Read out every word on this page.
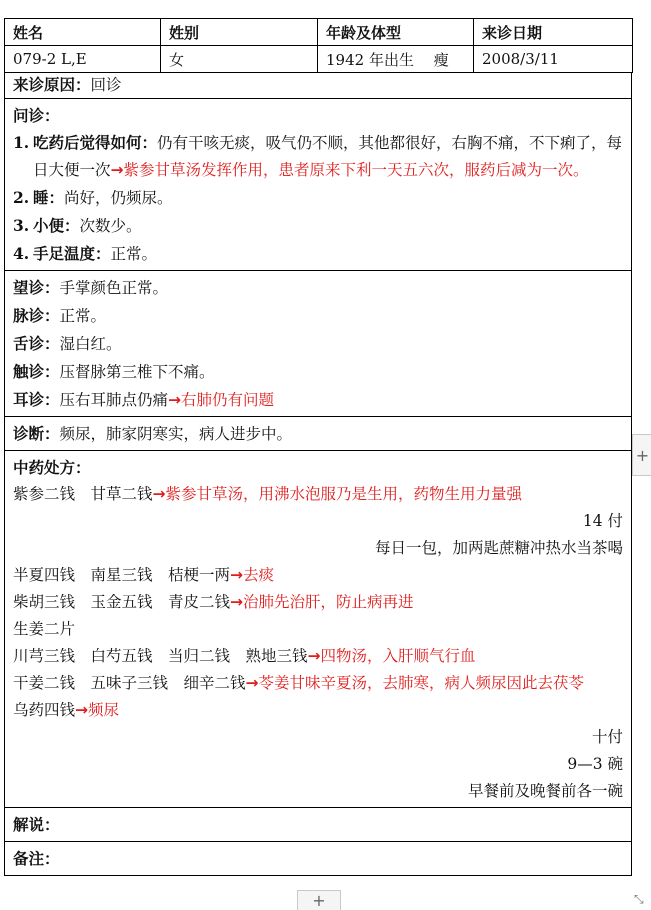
姓名	姓别	年龄及体型	来诊日期
079-2 L,E	女	1942 年出生　 瘦	2008/3/11
来诊原因：回诊
问诊：
1. 吃药后觉得如何：仍有干咳无痰，吸气仍不顺，其他都很好，右胸不痛，不下痢了，每日大便一次→紫参甘草汤发挥作用，患者原来下利一天五六次，服药后减为一次。
2. 睡：尚好，仍频尿。
3. 小便：次数少。
4. 手足温度：正常。
望诊：手掌颜色正常。
脉诊：正常。
舌诊：湿白红。
触诊：压督脉第三椎下不痛。
耳诊：压右耳肺点仍痛→右肺仍有问题
诊断：频尿，肺家阴寒实，病人进步中。
中药处方：
紫参二钱　甘草二钱→紫参甘草汤，用沸水泡服乃是生用，药物生用力量强
14 付
每日一包，加两匙蔗糖冲热水当茶喝
半夏四钱　南星三钱　桔梗一两→去痰
柴胡三钱　玉金五钱　青皮二钱→治肺先治肝，防止病再进
生姜二片
川芎三钱　白芍五钱　当归二钱　熟地三钱→四物汤，入肝顺气行血
干姜二钱　五味子三钱　细辛二钱→苓姜甘味辛夏汤，去肺寒，病人频尿因此去茯苓
乌药四钱→频尿
十付
9—3 碗
早餐前及晚餐前各一碗
解说：
备注：
+
+	⤡
